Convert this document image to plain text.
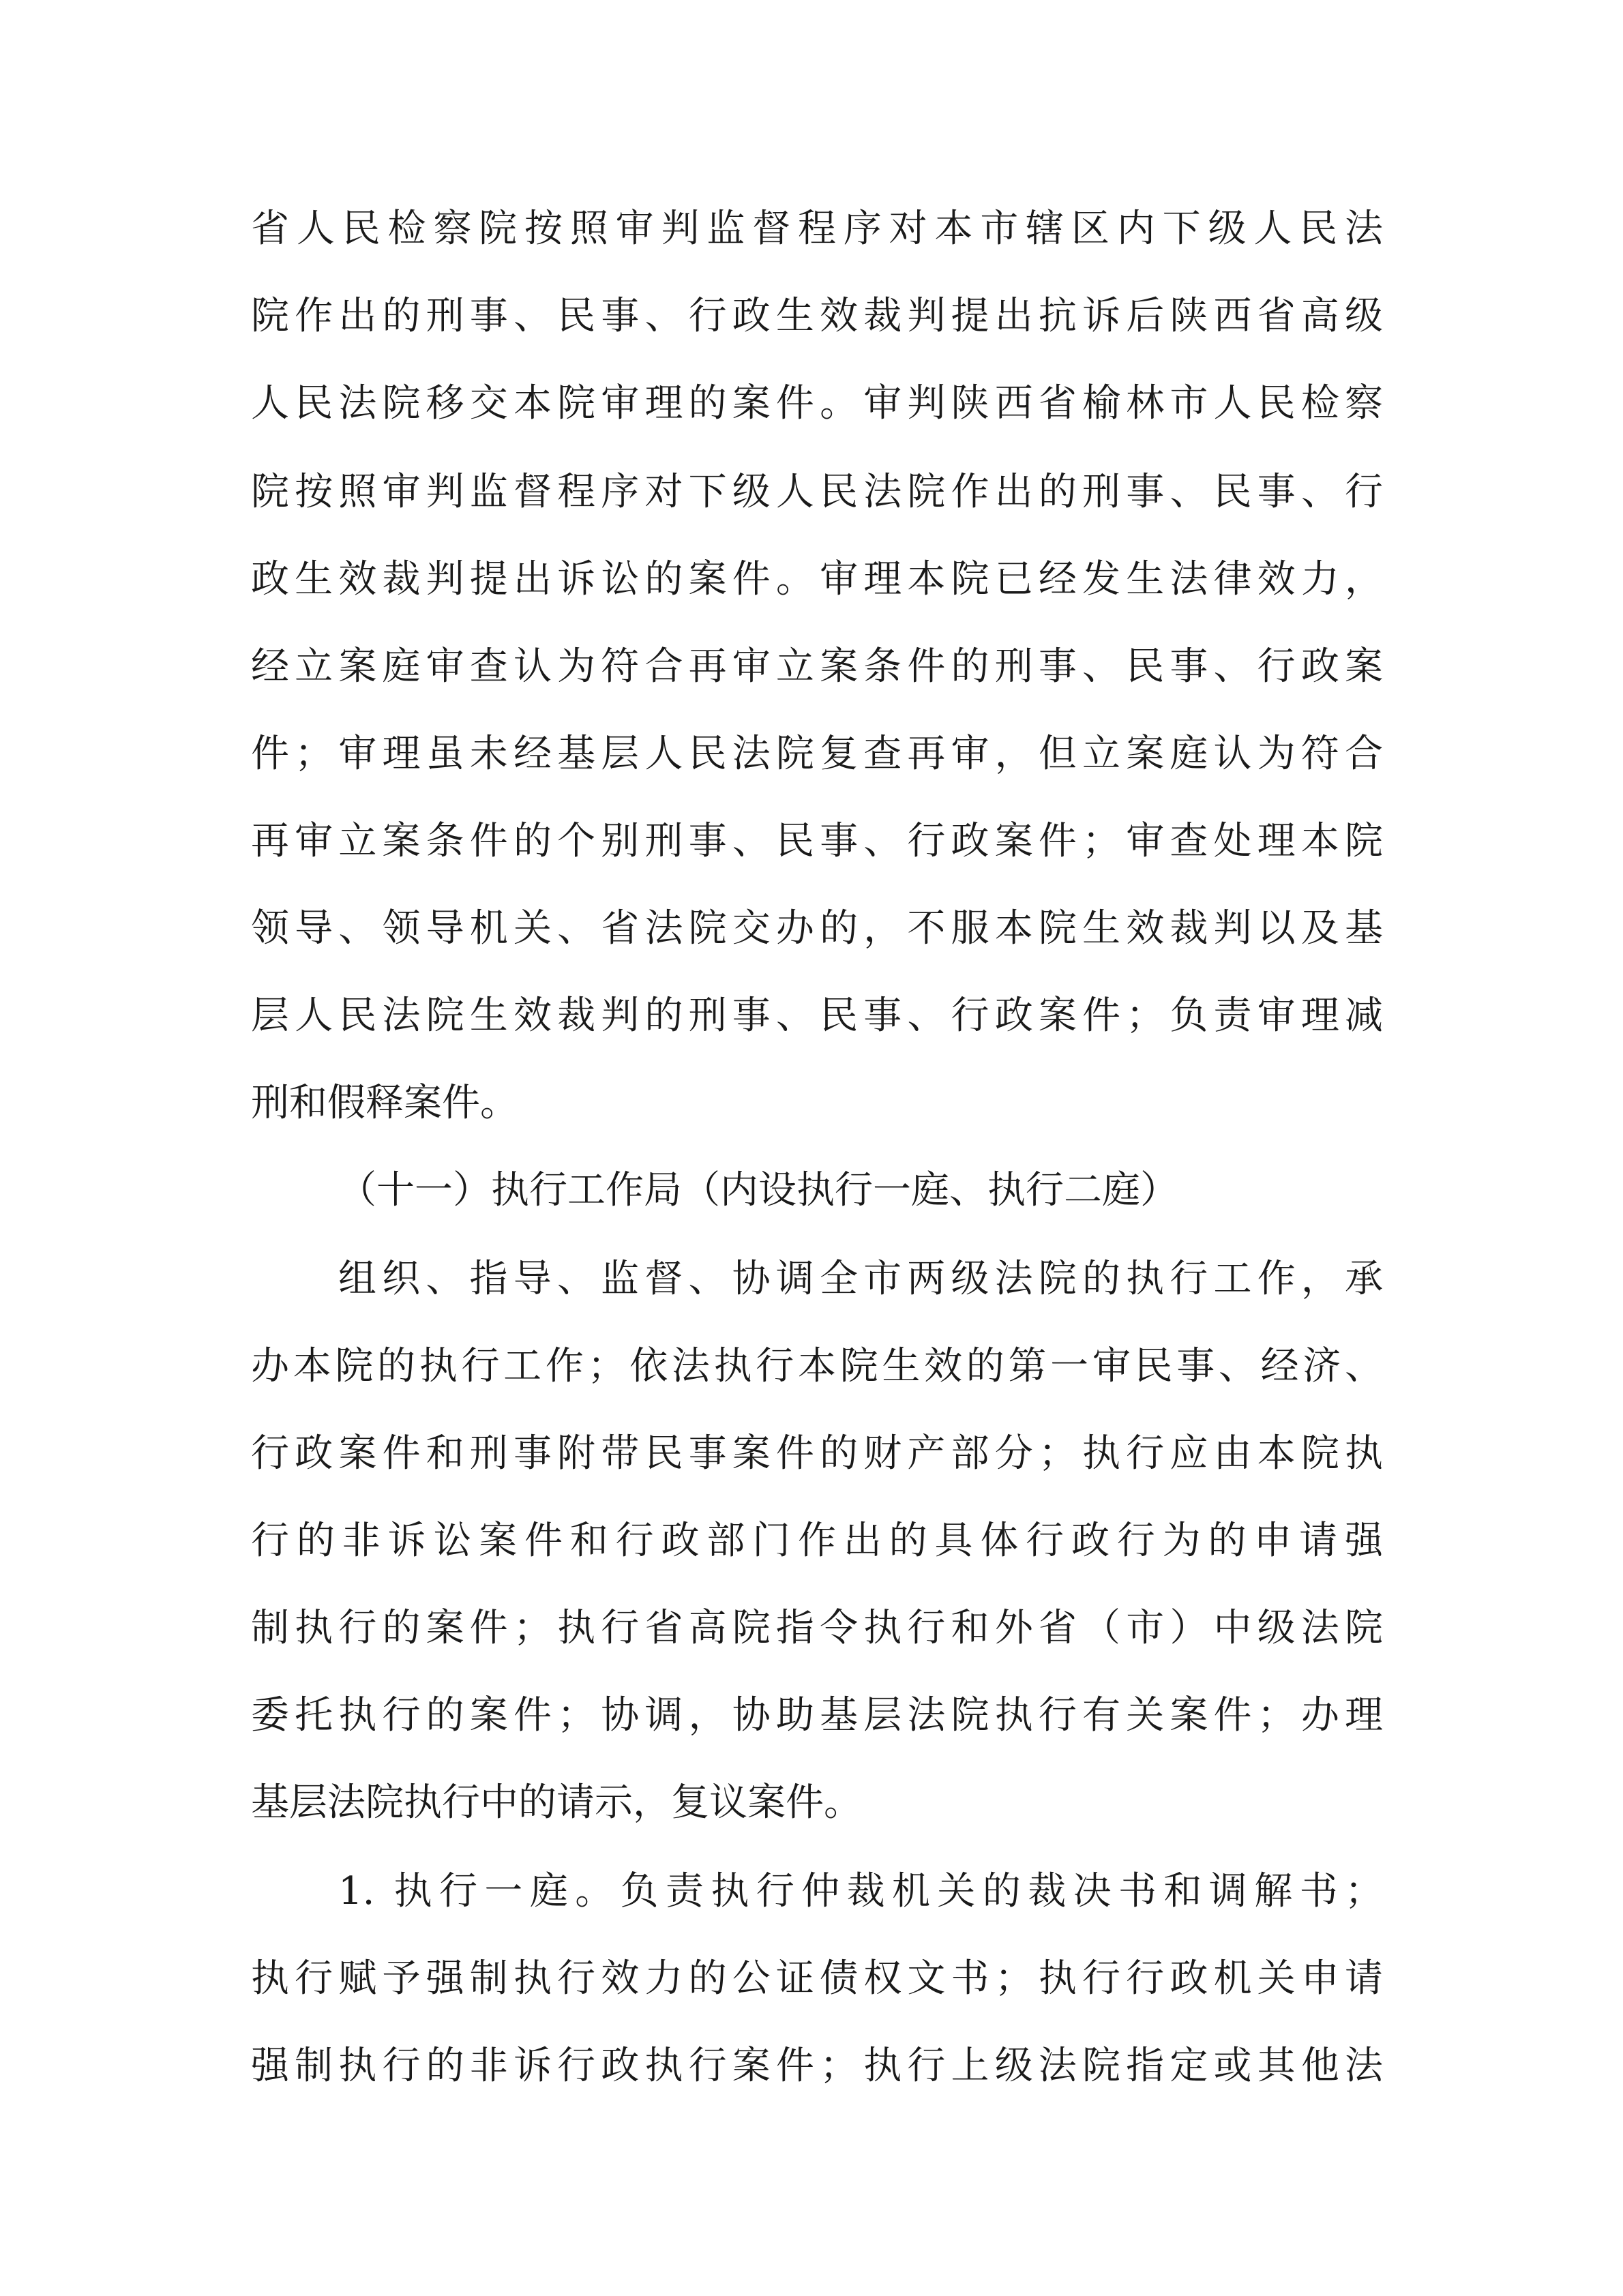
省人民检察院按照审判监督程序对本市辖区内下级人民法
院作出的刑事、民事、行政生效裁判提出抗诉后陕西省高级
人民法院移交本院审理的案件。审判陕西省榆林市人民检察
院按照审判监督程序对下级人民法院作出的刑事、民事、行
政生效裁判提出诉讼的案件。审理本院已经发生法律效力，
经立案庭审查认为符合再审立案条件的刑事、民事、行政案
件；审理虽未经基层人民法院复查再审，但立案庭认为符合
再审立案条件的个别刑事、民事、行政案件；审查处理本院
领导、领导机关、省法院交办的，不服本院生效裁判以及基
层人民法院生效裁判的刑事、民事、行政案件；负责审理减
刑和假释案件。
（十一）执行工作局（内设执行一庭、执行二庭）
组织、指导、监督、协调全市两级法院的执行工作，承
办本院的执行工作；依法执行本院生效的第一审民事、经济、
行政案件和刑事附带民事案件的财产部分；执行应由本院执
行的非诉讼案件和行政部门作出的具体行政行为的申请强
制执行的案件；执行省高院指令执行和外省（市）中级法院
委托执行的案件；协调，协助基层法院执行有关案件；办理
基层法院执行中的请示，复议案件。
1. 执行一庭。负责执行仲裁机关的裁决书和调解书；
执行赋予强制执行效力的公证债权文书；执行行政机关申请
强制执行的非诉行政执行案件；执行上级法院指定或其他法
